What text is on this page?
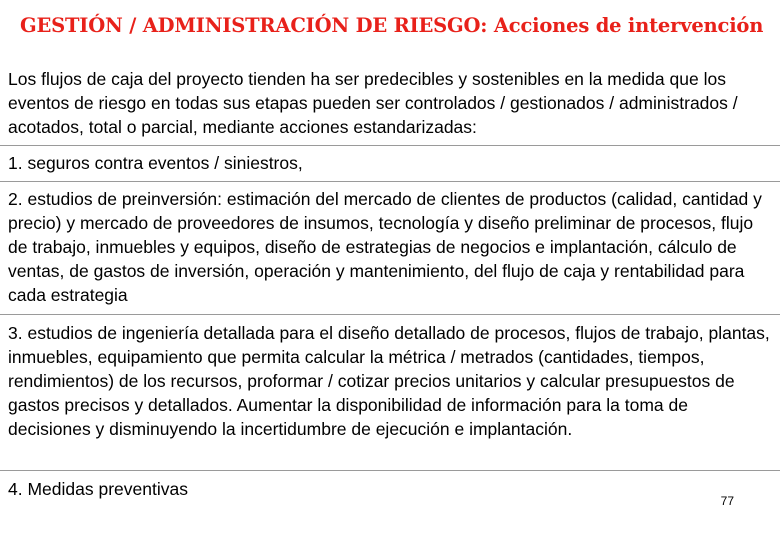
GESTIÓN / ADMINISTRACIÓN DE RIESGO: Acciones de intervención

Los flujos de caja del proyecto tienden ha ser predecibles y sostenibles en la medida que los eventos de riesgo en todas sus etapas pueden ser controlados / gestionados / administrados / acotados, total o parcial, mediante acciones estandarizadas:

1. seguros contra eventos / siniestros,

2. estudios de preinversión: estimación del mercado de clientes de productos (calidad, cantidad y precio) y mercado de proveedores de insumos, tecnología y diseño preliminar de procesos, flujo de trabajo, inmuebles y equipos, diseño de estrategias de negocios e implantación, cálculo de ventas, de gastos de inversión, operación y mantenimiento, del flujo de caja y rentabilidad para cada estrategia

3. estudios de ingeniería detallada para el diseño detallado de procesos, flujos de trabajo, plantas, inmuebles, equipamiento que permita calcular la métrica / metrados (cantidades, tiempos, rendimientos) de los recursos, proformar / cotizar precios unitarios y calcular presupuestos de gastos precisos y detallados. Aumentar la disponibilidad de información para la toma de decisiones y disminuyendo la incertidumbre de ejecución e implantación.

4. Medidas preventivas

77
